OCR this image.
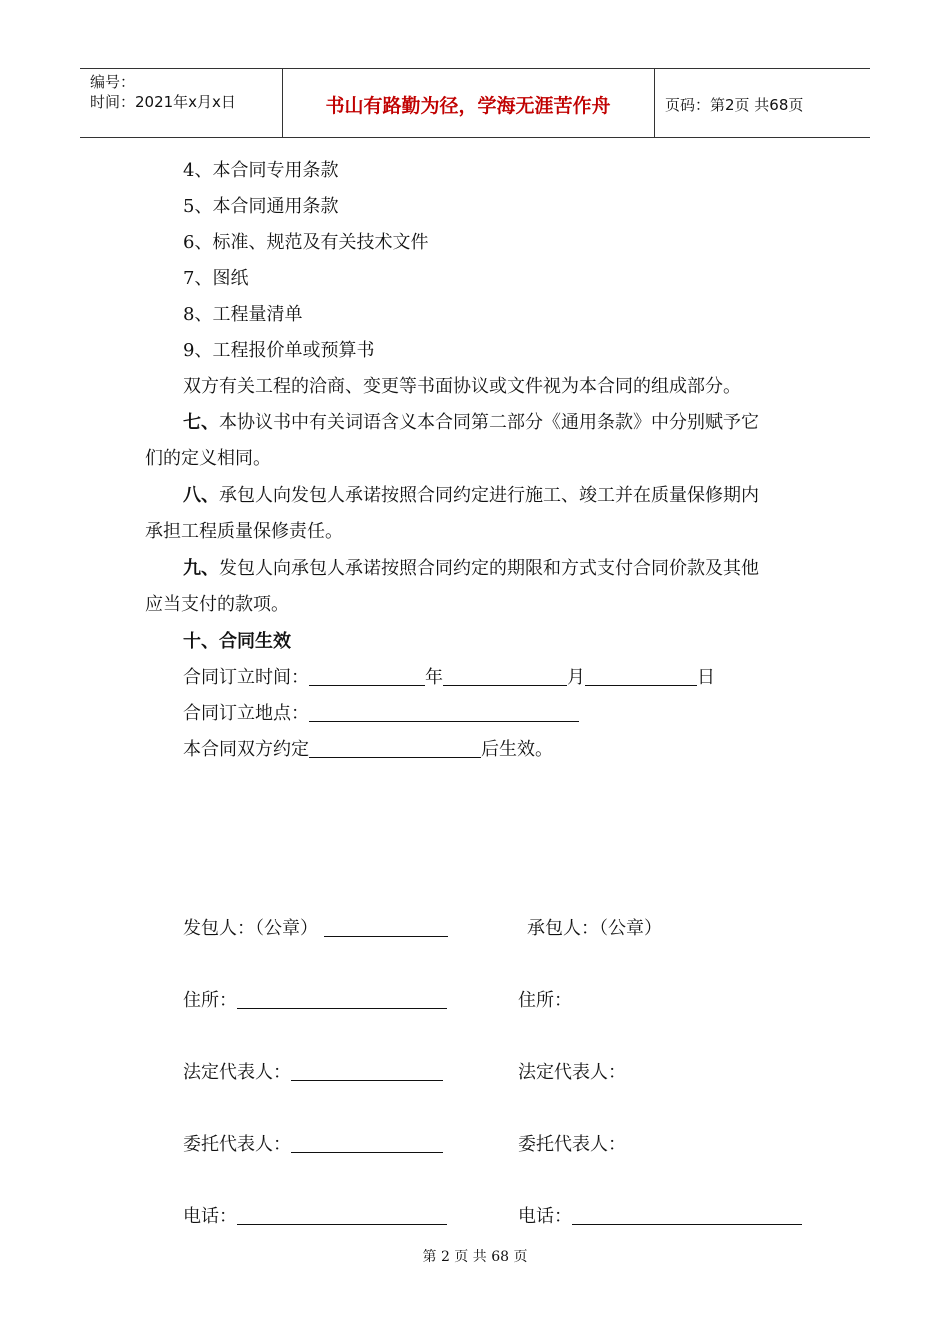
编号：
时间：2021年x月x日	书山有路勤为径，学海无涯苦作舟	页码：第2页 共68页
4、本合同专用条款
5、本合同通用条款
6、标准、规范及有关技术文件
7、图纸
8、工程量清单
9、工程报价单或预算书
双方有关工程的洽商、变更等书面协议或文件视为本合同的组成部分。
七、本协议书中有关词语含义本合同第二部分《通用条款》中分别赋予它
们的定义相同。
八、承包人向发包人承诺按照合同约定进行施工、竣工并在质量保修期内
承担工程质量保修责任。
九、发包人向承包人承诺按照合同约定的期限和方式支付合同价款及其他
应当支付的款项。
十、合同生效
合同订立时间：	年	月	日
合同订立地点：
本合同双方约定	后生效。
发包人：（公章）	承包人：（公章）
住所：	住所：
法定代表人：	法定代表人：
委托代表人：	委托代表人：
电话：	电话：
第 2 页 共 68 页
